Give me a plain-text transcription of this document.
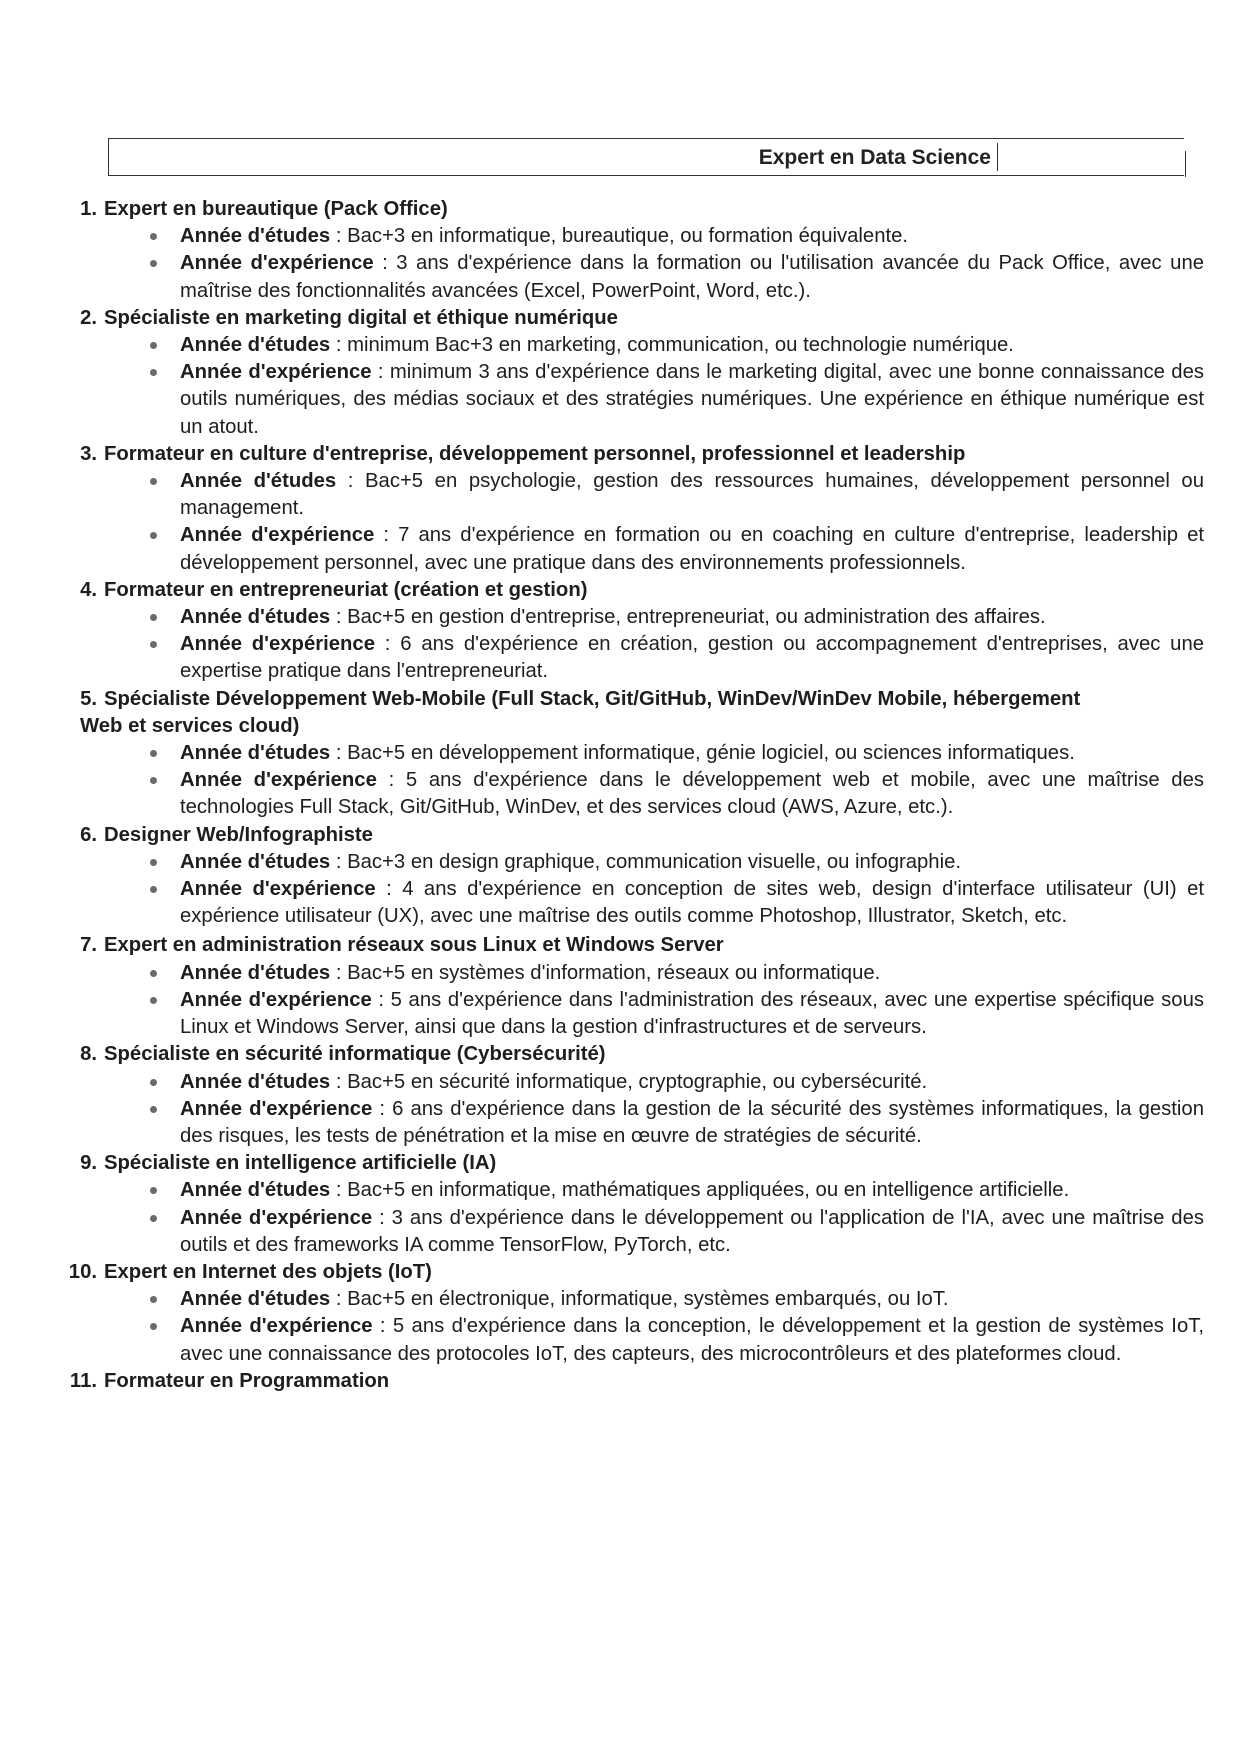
Expert en Data Science
1. Expert en bureautique (Pack Office)
Année d'études : Bac+3 en informatique, bureautique, ou formation équivalente.
Année d'expérience : 3 ans d'expérience dans la formation ou l'utilisation avancée du Pack Office, avec une maîtrise des fonctionnalités avancées (Excel, PowerPoint, Word, etc.).
2. Spécialiste en marketing digital et éthique numérique
Année d'études : minimum Bac+3 en marketing, communication, ou technologie numérique.
Année d'expérience : minimum 3 ans d'expérience dans le marketing digital, avec une bonne connaissance des outils numériques, des médias sociaux et des stratégies numériques. Une expérience en éthique numérique est un atout.
3. Formateur en culture d'entreprise, développement personnel, professionnel et leadership
Année d'études : Bac+5 en psychologie, gestion des ressources humaines, développement personnel ou management.
Année d'expérience : 7 ans d'expérience en formation ou en coaching en culture d'entreprise, leadership et développement personnel, avec une pratique dans des environnements professionnels.
4. Formateur en entrepreneuriat (création et gestion)
Année d'études : Bac+5 en gestion d'entreprise, entrepreneuriat, ou administration des affaires.
Année d'expérience : 6 ans d'expérience en création, gestion ou accompagnement d'entreprises, avec une expertise pratique dans l'entrepreneuriat.
5. Spécialiste Développement Web-Mobile (Full Stack, Git/GitHub, WinDev/WinDev Mobile, hébergement
Web et services cloud)
Année d'études : Bac+5 en développement informatique, génie logiciel, ou sciences informatiques.
Année d'expérience : 5 ans d'expérience dans le développement web et mobile, avec une maîtrise des technologies Full Stack, Git/GitHub, WinDev, et des services cloud (AWS, Azure, etc.).
6. Designer Web/Infographiste
Année d'études : Bac+3 en design graphique, communication visuelle, ou infographie.
Année d'expérience : 4 ans d'expérience en conception de sites web, design d'interface utilisateur (UI) et expérience utilisateur (UX), avec une maîtrise des outils comme Photoshop, Illustrator, Sketch, etc.
7. Expert en administration réseaux sous Linux et Windows Server
Année d'études : Bac+5 en systèmes d'information, réseaux ou informatique.
Année d'expérience : 5 ans d'expérience dans l'administration des réseaux, avec une expertise spécifique sous Linux et Windows Server, ainsi que dans la gestion d'infrastructures et de serveurs.
8. Spécialiste en sécurité informatique (Cybersécurité)
Année d'études : Bac+5 en sécurité informatique, cryptographie, ou cybersécurité.
Année d'expérience : 6 ans d'expérience dans la gestion de la sécurité des systèmes informatiques, la gestion des risques, les tests de pénétration et la mise en œuvre de stratégies de sécurité.
9. Spécialiste en intelligence artificielle (IA)
Année d'études : Bac+5 en informatique, mathématiques appliquées, ou en intelligence artificielle.
Année d'expérience : 3 ans d'expérience dans le développement ou l'application de l'IA, avec une maîtrise des outils et des frameworks IA comme TensorFlow, PyTorch, etc.
10. Expert en Internet des objets (IoT)
Année d'études : Bac+5 en électronique, informatique, systèmes embarqués, ou IoT.
Année d'expérience : 5 ans d'expérience dans la conception, le développement et la gestion de systèmes IoT, avec une connaissance des protocoles IoT, des capteurs, des microcontrôleurs et des plateformes cloud.
11. Formateur en Programmation
